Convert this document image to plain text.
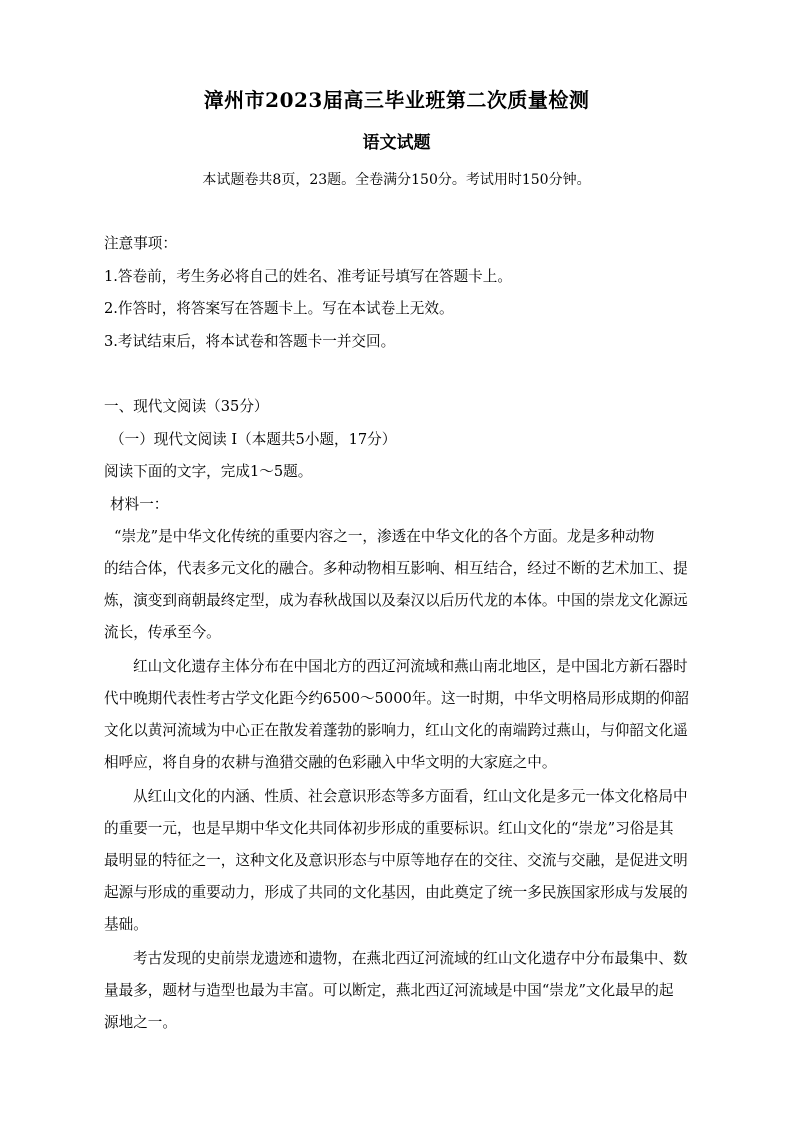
漳州市2023届高三毕业班第二次质量检测
语文试题
本试题卷共8页，23题。全卷满分150分。考试用时150分钟。
注意事项：
1.答卷前，考生务必将自己的姓名、准考证号填写在答题卡上。
2.作答时，将答案写在答题卡上。写在本试卷上无效。
3.考试结束后，将本试卷和答题卡一并交回。
一、现代文阅读（35分）
（一）现代文阅读 I（本题共5小题，17分）
阅读下面的文字，完成1～5题。
材料一：
“崇龙”是中华文化传统的重要内容之一，渗透在中华文化的各个方面。龙是多种动物
的结合体，代表多元文化的融合。多种动物相互影响、相互结合，经过不断的艺术加工、提
炼，演变到商朝最终定型，成为春秋战国以及秦汉以后历代龙的本体。中国的崇龙文化源远
流长，传承至今。
红山文化遗存主体分布在中国北方的西辽河流域和燕山南北地区，是中国北方新石器时
代中晚期代表性考古学文化距今约6500～5000年。这一时期，中华文明格局形成期的仰韶
文化以黄河流域为中心正在散发着蓬勃的影响力，红山文化的南端跨过燕山，与仰韶文化遥
相呼应，将自身的农耕与渔猎交融的色彩融入中华文明的大家庭之中。
从红山文化的内涵、性质、社会意识形态等多方面看，红山文化是多元一体文化格局中
的重要一元，也是早期中华文化共同体初步形成的重要标识。红山文化的“崇龙”习俗是其
最明显的特征之一，这种文化及意识形态与中原等地存在的交往、交流与交融，是促进文明
起源与形成的重要动力，形成了共同的文化基因，由此奠定了统一多民族国家形成与发展的
基础。
考古发现的史前崇龙遗迹和遗物，在燕北西辽河流域的红山文化遗存中分布最集中、数
量最多，题材与造型也最为丰富。可以断定，燕北西辽河流域是中国“崇龙”文化最早的起
源地之一。
